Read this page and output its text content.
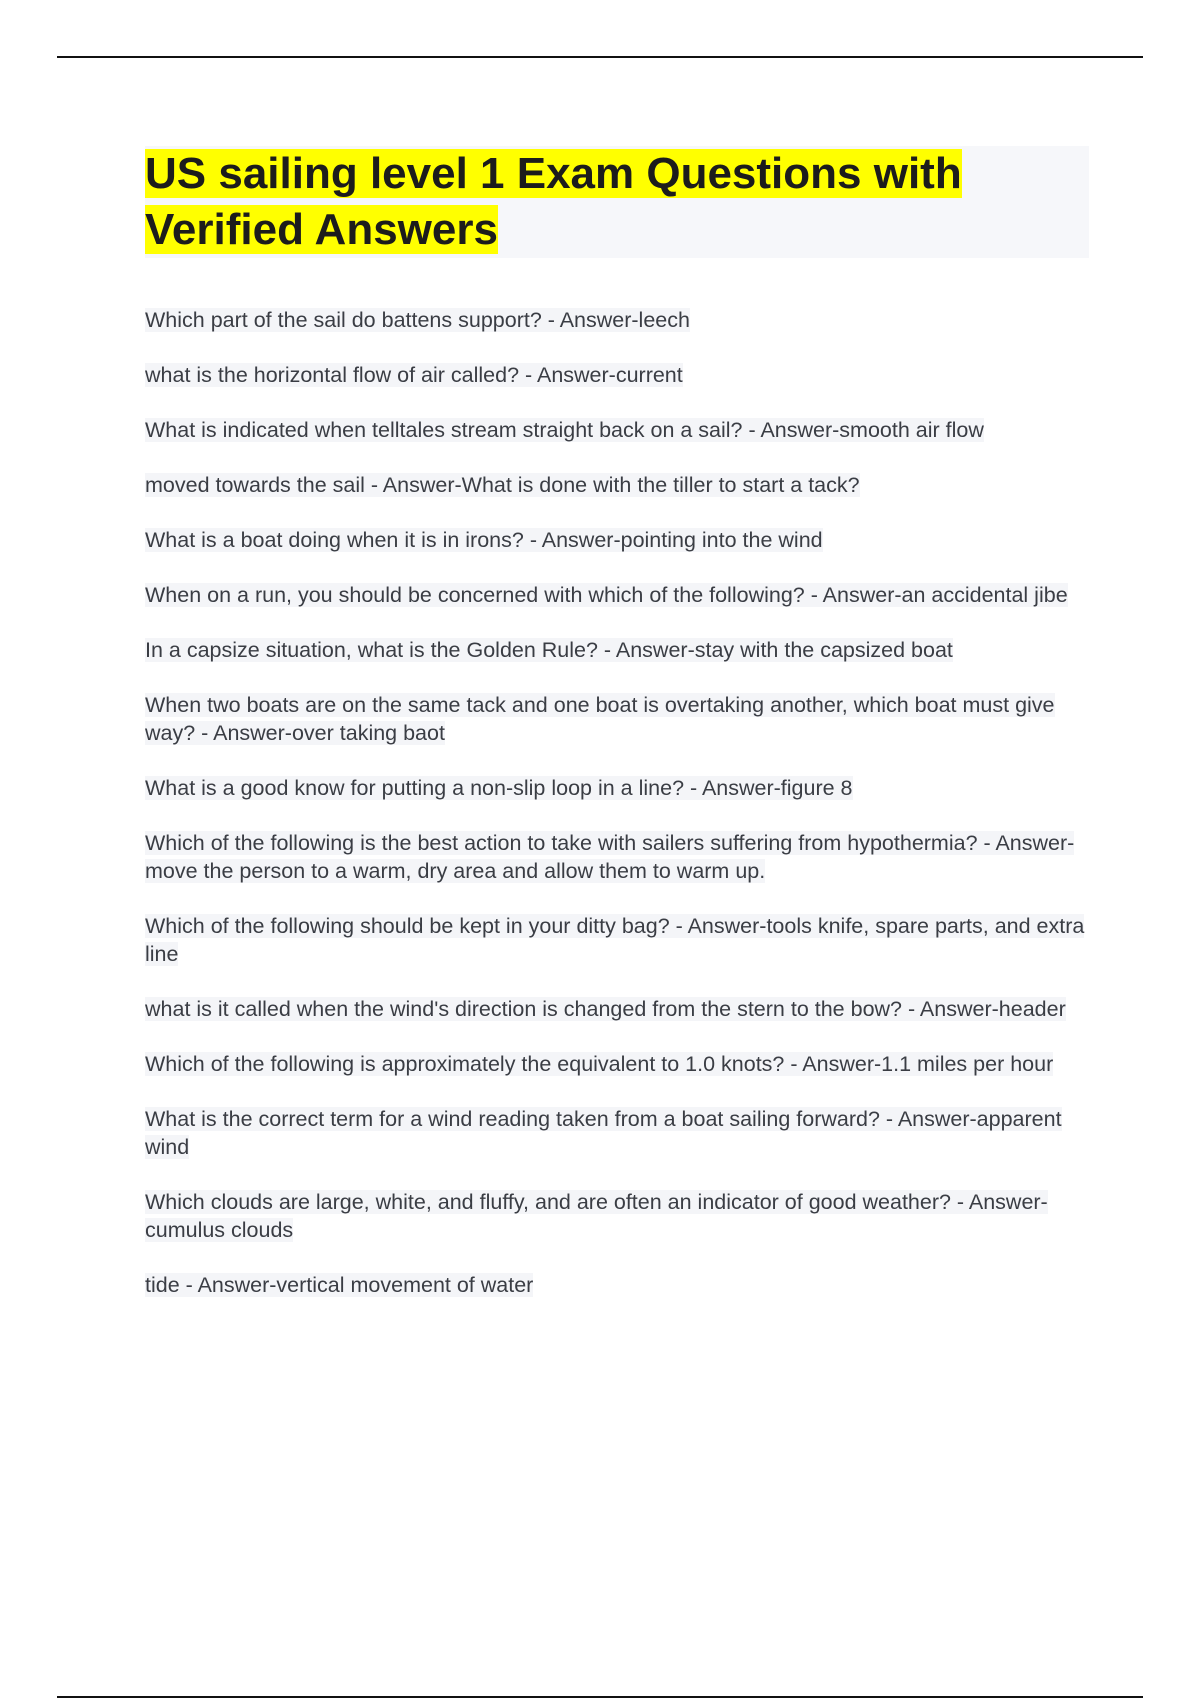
US sailing level 1 Exam Questions with Verified Answers
Which part of the sail do battens support? - Answer-leech
what is the horizontal flow of air called? - Answer-current
What is indicated when telltales stream straight back on a sail? - Answer-smooth air flow
moved towards the sail - Answer-What is done with the tiller to start a tack?
What is a boat doing when it is in irons? - Answer-pointing into the wind
When on a run, you should be concerned with which of the following? - Answer-an accidental jibe
In a capsize situation, what is the Golden Rule? - Answer-stay with the capsized boat
When two boats are on the same tack and one boat is overtaking another, which boat must give way? - Answer-over taking baot
What is a good know for putting a non-slip loop in a line? - Answer-figure 8
Which of the following is the best action to take with sailers suffering from hypothermia? - Answer-move the person to a warm, dry area and allow them to warm up.
Which of the following should be kept in your ditty bag? - Answer-tools knife, spare parts, and extra line
what is it called when the wind's direction is changed from the stern to the bow? - Answer-header
Which of the following is approximately the equivalent to 1.0 knots? - Answer-1.1 miles per hour
What is the correct term for a wind reading taken from a boat sailing forward? - Answer-apparent wind
Which clouds are large, white, and fluffy, and are often an indicator of good weather? - Answer-cumulus clouds
tide - Answer-vertical movement of water
